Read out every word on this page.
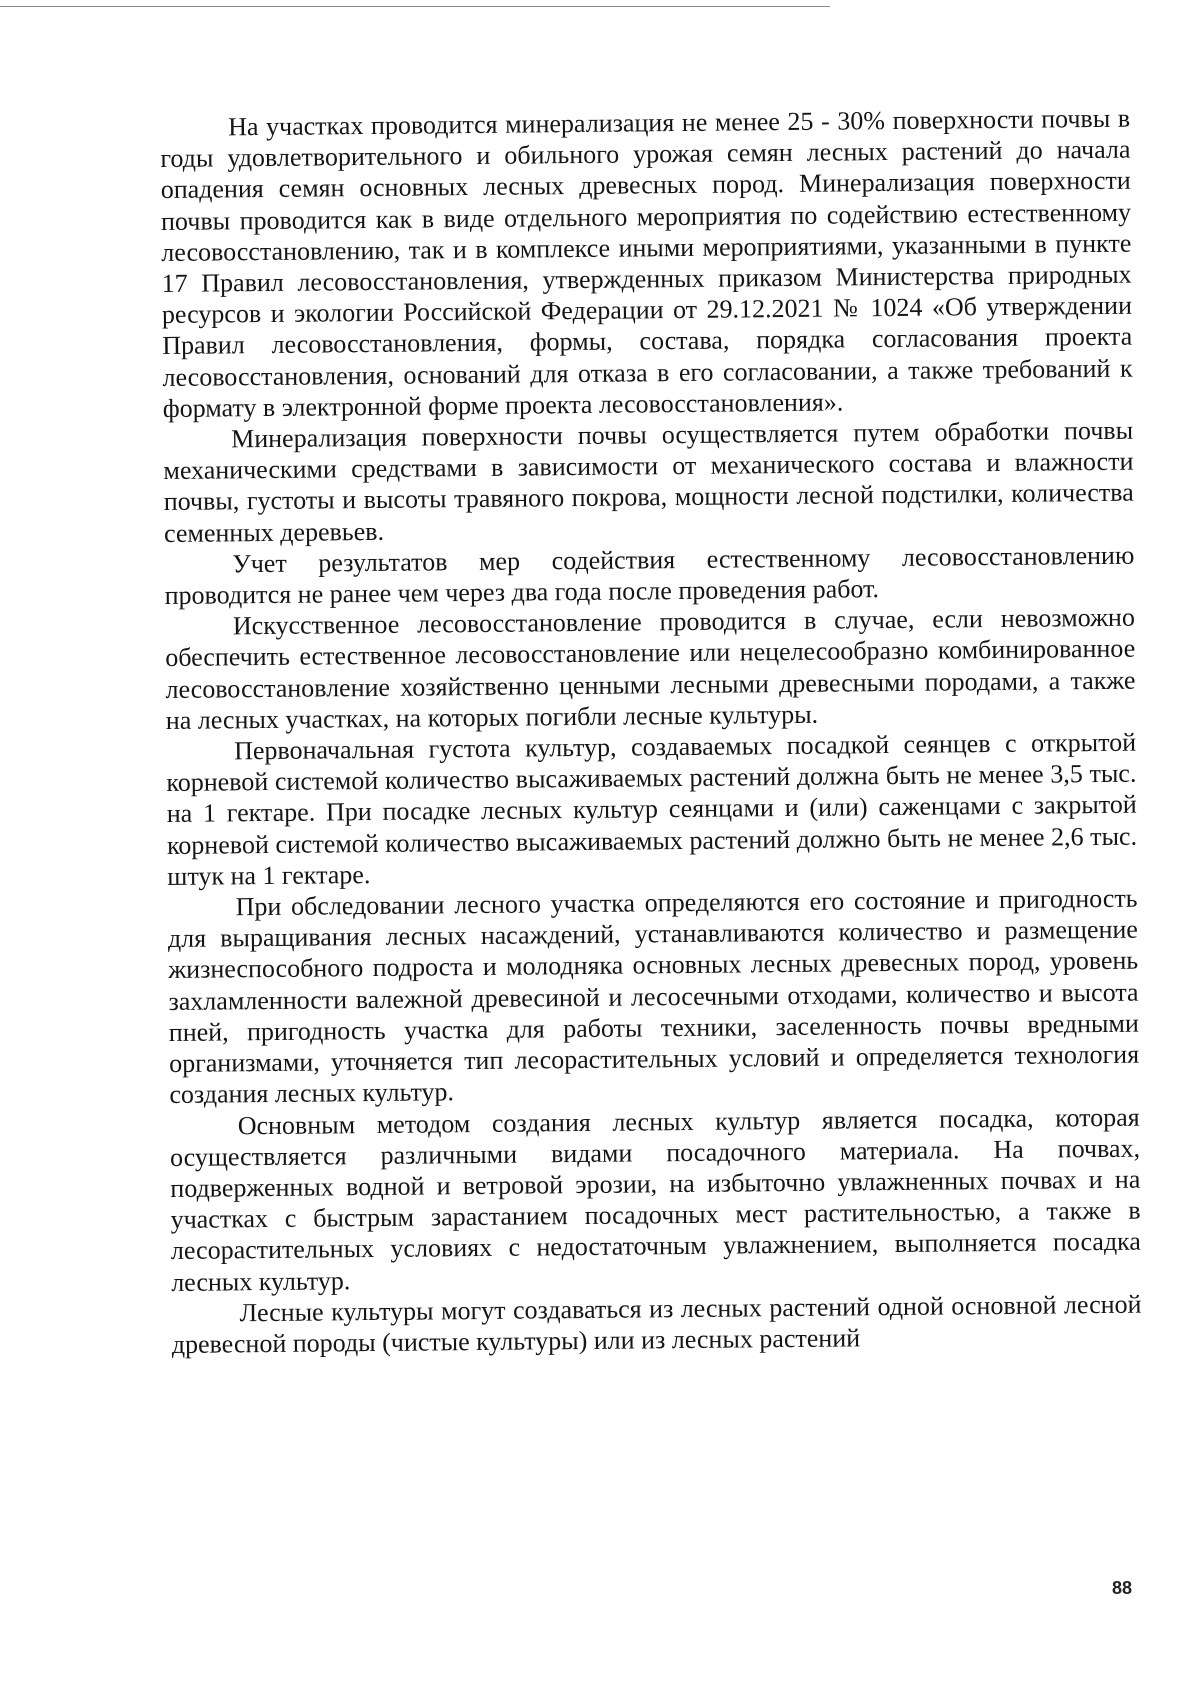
На участках проводится минерализация не менее 25 - 30% поверхности почвы в годы удовлетворительного и обильного урожая семян лесных растений до начала опадения семян основных лесных древесных пород. Минерализация поверхности почвы проводится как в виде отдельного мероприятия по содействию естественному лесовосстановлению, так и в комплексе иными мероприятиями, указанными в пункте 17 Правил лесовосстановления, утвержденных приказом Министерства природных ресурсов и экологии Российской Федерации от 29.12.2021 № 1024 «Об утверждении Правил лесовосстановления, формы, состава, порядка согласования проекта лесовосстановления, оснований для отказа в его согласовании, а также требований к формату в электронной форме проекта лесовосстановления».

Минерализация поверхности почвы осуществляется путем обработки почвы механическими средствами в зависимости от механического состава и влажности почвы, густоты и высоты травяного покрова, мощности лесной подстилки, количества семенных деревьев.

Учет результатов мер содействия естественному лесовосстановлению проводится не ранее чем через два года после проведения работ.

Искусственное лесовосстановление проводится в случае, если невозможно обеспечить естественное лесовосстановление или нецелесообразно комбинированное лесовосстановление хозяйственно ценными лесными древесными породами, а также на лесных участках, на которых погибли лесные культуры.

Первоначальная густота культур, создаваемых посадкой сеянцев с открытой корневой системой количество высаживаемых растений должна быть не менее 3,5 тыс. на 1 гектаре. При посадке лесных культур сеянцами и (или) саженцами с закрытой корневой системой количество высаживаемых растений должно быть не менее 2,6 тыс. штук на 1 гектаре.

При обследовании лесного участка определяются его состояние и пригодность для выращивания лесных насаждений, устанавливаются количество и размещение жизнеспособного подроста и молодняка основных лесных древесных пород, уровень захламленности валежной древесиной и лесосечными отходами, количество и высота пней, пригодность участка для работы техники, заселенность почвы вредными организмами, уточняется тип лесорастительных условий и определяется технология создания лесных культур.

Основным методом создания лесных культур является посадка, которая осуществляется различными видами посадочного материала. На почвах, подверженных водной и ветровой эрозии, на избыточно увлажненных почвах и на участках с быстрым зарастанием посадочных мест растительностью, а также в лесорастительных условиях с недостаточным увлажнением, выполняется посадка лесных культур.

Лесные культуры могут создаваться из лесных растений одной основной лесной древесной породы (чистые культуры) или из лесных растений

88
